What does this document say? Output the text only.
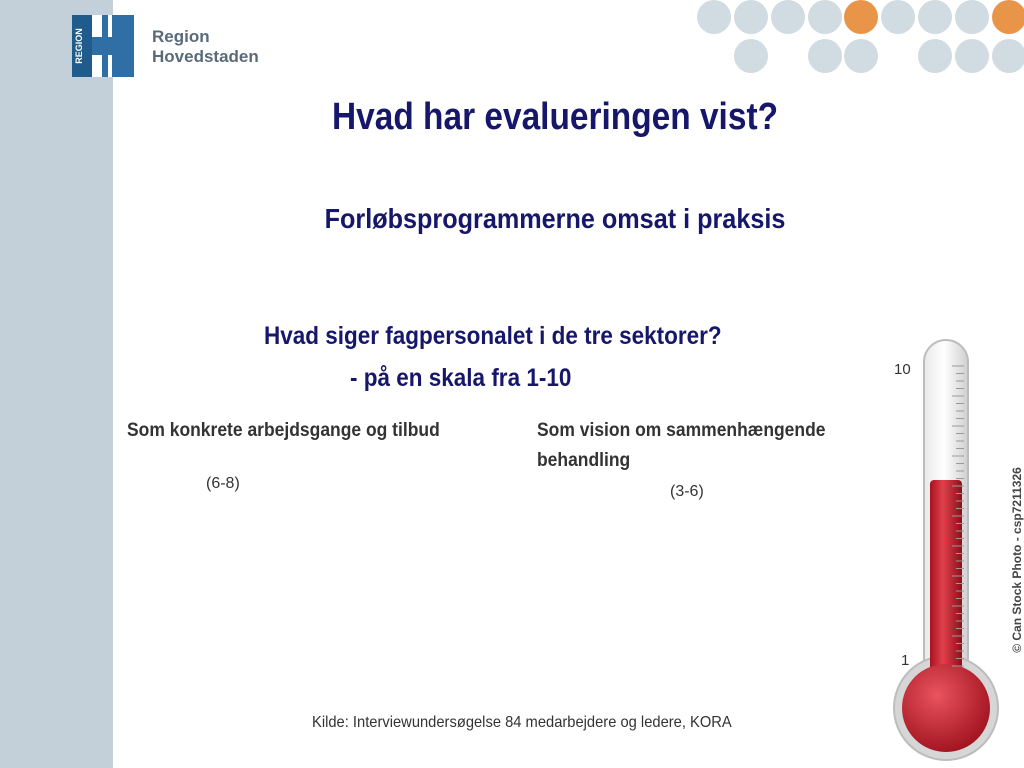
REGION	Region
Hovedstaden
Hvad har evalueringen vist?
Forløbsprogrammerne omsat i praksis
Hvad siger fagpersonalet i de tre sektorer?
- på en skala fra 1-10
Som konkrete arbejdsgange og tilbud	Som vision om sammenhængende behandling
(6-8)	(3-6)
Kilde: Interviewundersøgelse 84 medarbejdere og ledere, KORA
10
1
© Can Stock Photo - csp7211326
